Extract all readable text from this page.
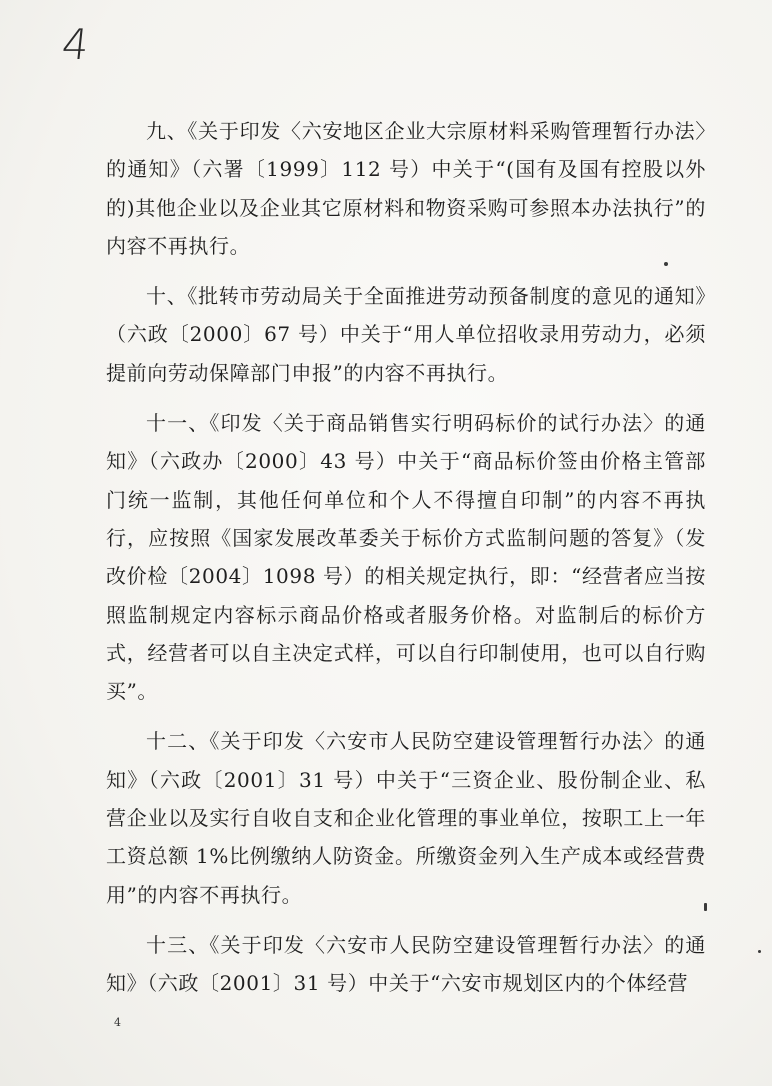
4

九、《关于印发〈六安地区企业大宗原材料采购管理暂行办法〉的通知》（六署〔1999〕112 号）中关于“(国有及国有控股以外的)其他企业以及企业其它原材料和物资采购可参照本办法执行”的内容不再执行。

十、《批转市劳动局关于全面推进劳动预备制度的意见的通知》（六政〔2000〕67 号）中关于“用人单位招收录用劳动力，必须提前向劳动保障部门申报”的内容不再执行。

十一、《印发〈关于商品销售实行明码标价的试行办法〉的通知》（六政办〔2000〕43 号）中关于“商品标价签由价格主管部门统一监制，其他任何单位和个人不得擅自印制”的内容不再执行，应按照《国家发展改革委关于标价方式监制问题的答复》（发改价检〔2004〕1098 号）的相关规定执行，即：“经营者应当按照监制规定内容标示商品价格或者服务价格。对监制后的标价方式，经营者可以自主决定式样，可以自行印制使用，也可以自行购买”。

十二、《关于印发〈六安市人民防空建设管理暂行办法〉的通知》（六政〔2001〕31 号）中关于“三资企业、股份制企业、私营企业以及实行自收自支和企业化管理的事业单位，按职工上一年工资总额 1%比例缴纳人防资金。所缴资金列入生产成本或经营费用”的内容不再执行。

十三、《关于印发〈六安市人民防空建设管理暂行办法〉的通知》（六政〔2001〕31 号）中关于“六安市规划区内的个体经营

4
